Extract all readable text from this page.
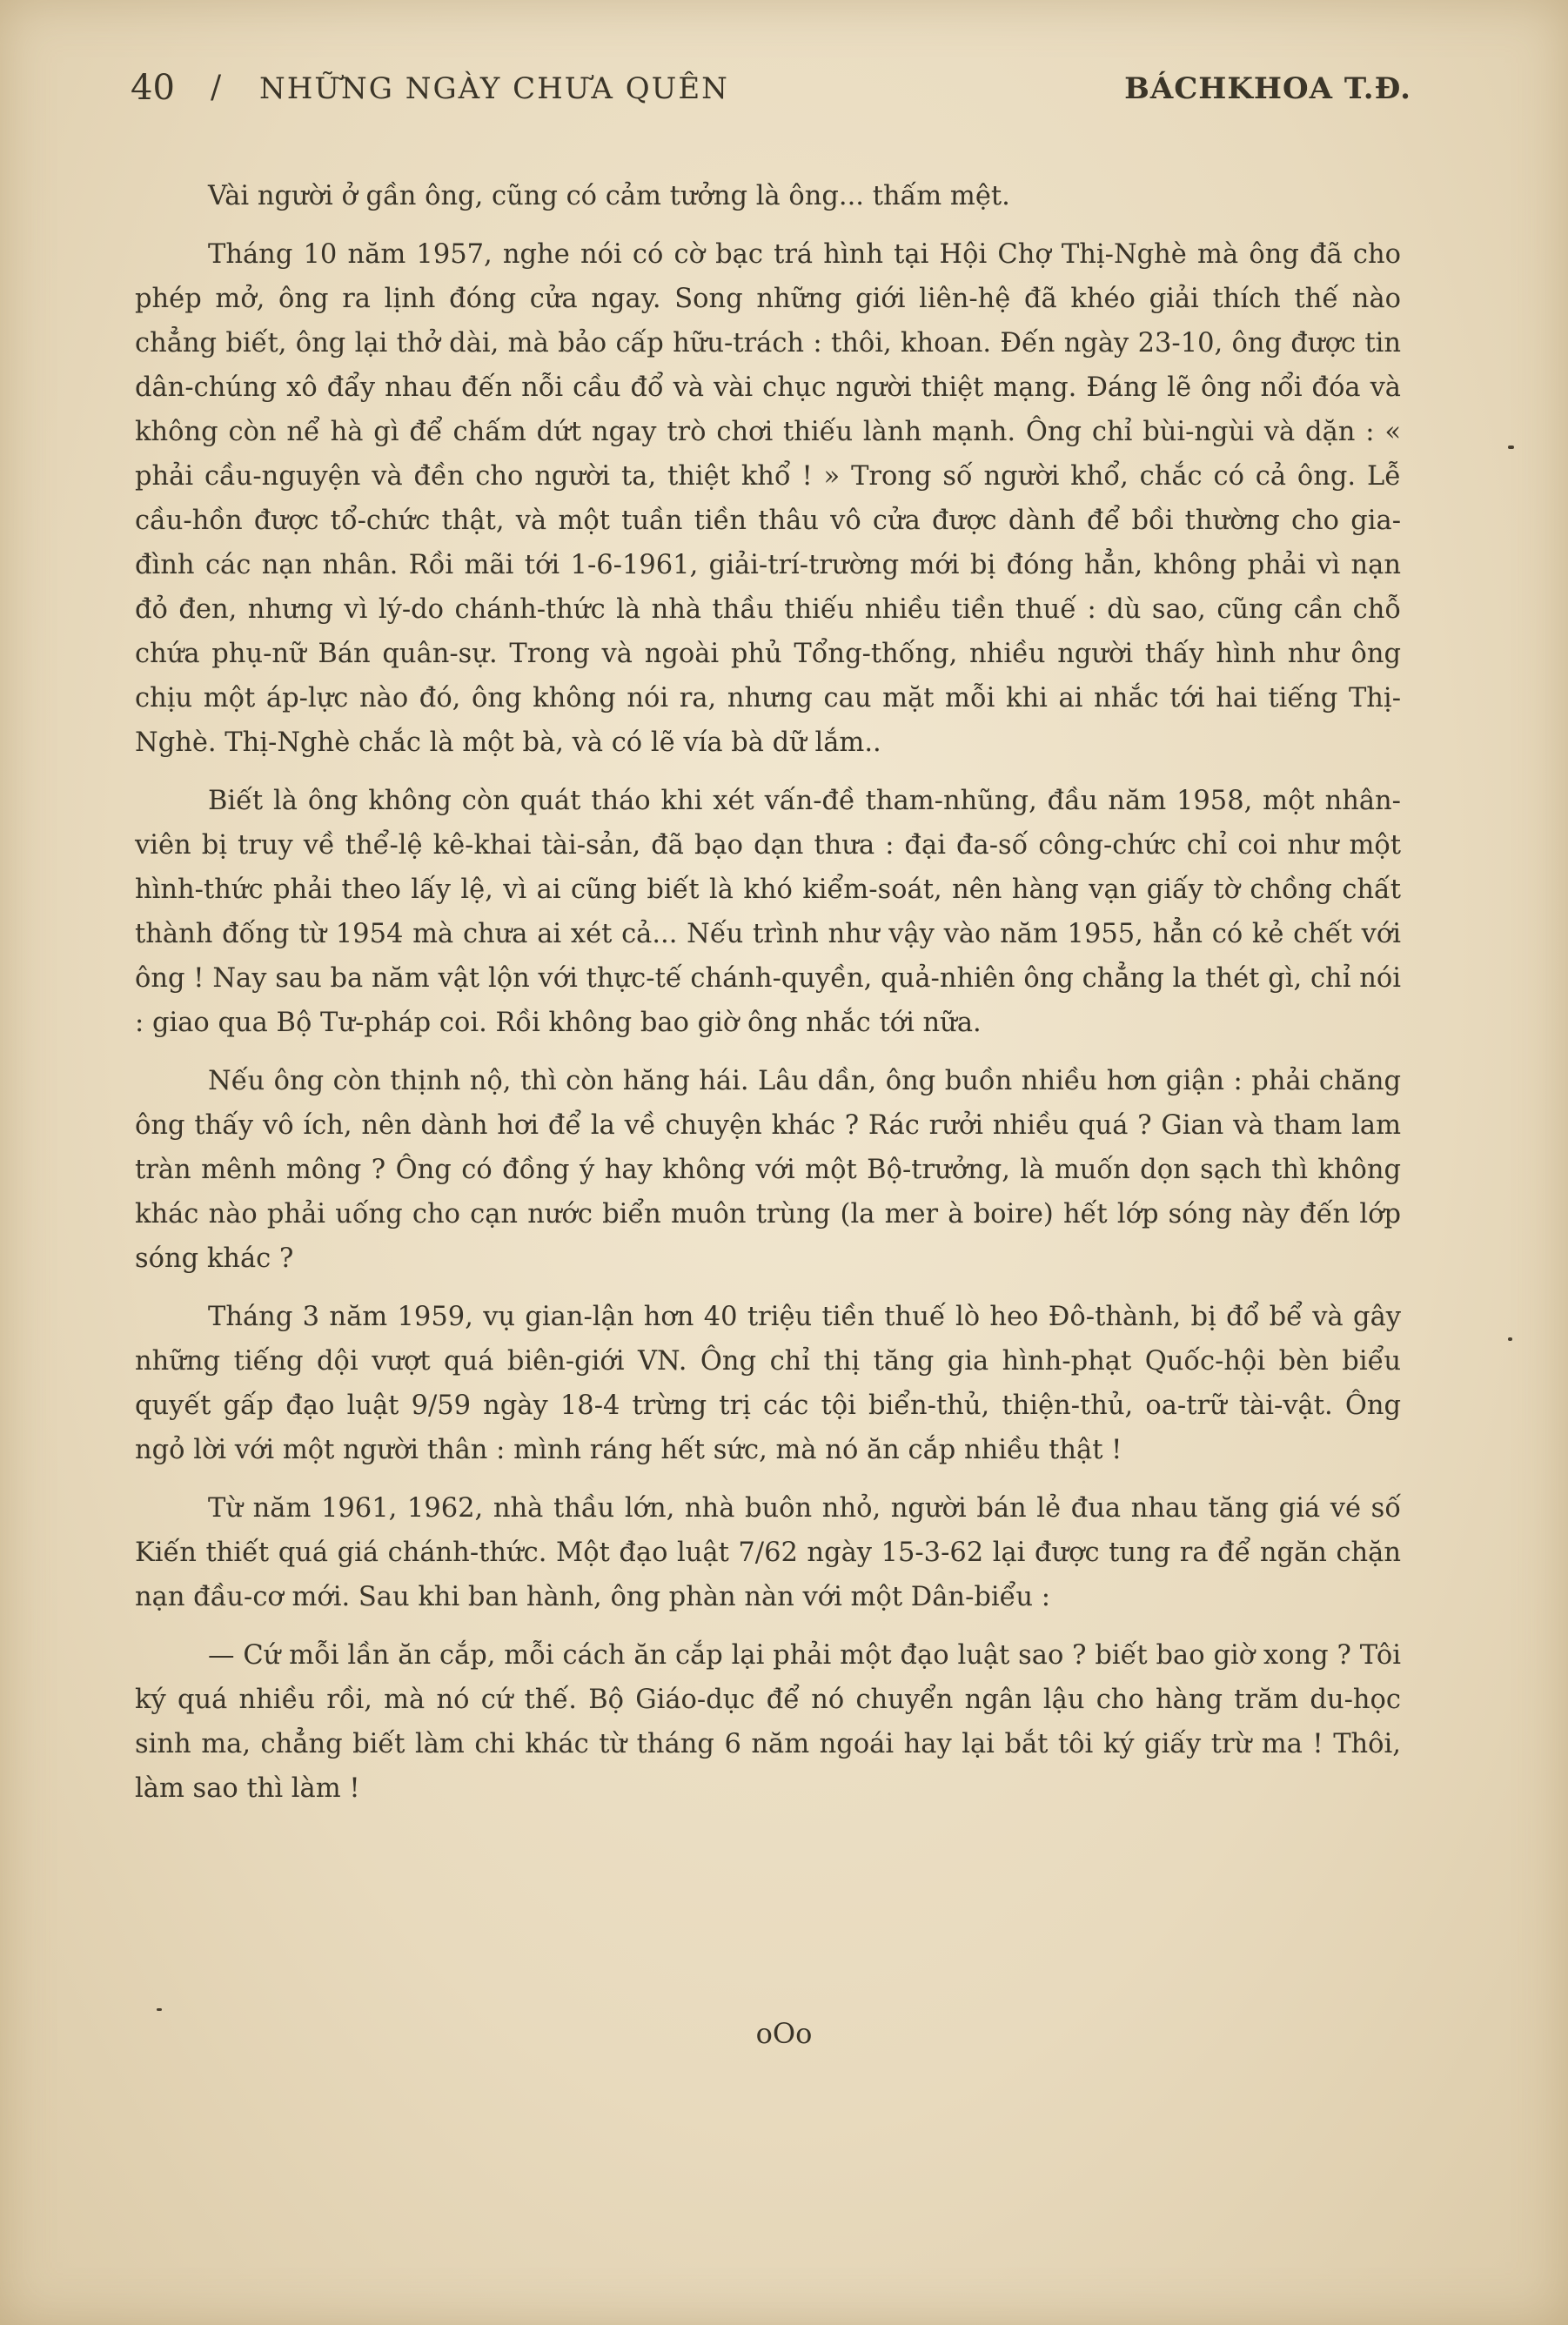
40 / NHỮNG NGÀY CHƯA QUÊN	BÁCHKHOA T.Đ.

Vài người ở gần ông, cũng có cảm tưởng là ông... thấm mệt.

Tháng 10 năm 1957, nghe nói có cờ bạc trá hình tại Hội Chợ Thị-Nghè mà ông đã cho phép mở, ông ra lịnh đóng cửa ngay. Song những giới liên-hệ đã khéo giải thích thế nào chẳng biết, ông lại thở dài, mà bảo cấp hữu-trách : thôi, khoan. Đến ngày 23-10, ông được tin dân-chúng xô đẩy nhau đến nỗi cầu đổ và vài chục người thiệt mạng. Đáng lẽ ông nổi đóa và không còn nể hà gì để chấm dứt ngay trò chơi thiếu lành mạnh. Ông chỉ bùi-ngùi và dặn : « phải cầu-nguyện và đền cho người ta, thiệt khổ ! » Trong số người khổ, chắc có cả ông. Lễ cầu-hồn được tổ-chức thật, và một tuần tiền thâu vô cửa được dành để bồi thường cho gia-đình các nạn nhân. Rồi mãi tới 1-6-1961, giải-trí-trường mới bị đóng hẳn, không phải vì nạn đỏ đen, nhưng vì lý-do chánh-thức là nhà thầu thiếu nhiều tiền thuế : dù sao, cũng cần chỗ chứa phụ-nữ Bán quân-sự. Trong và ngoài phủ Tổng-thống, nhiều người thấy hình như ông chịu một áp-lực nào đó, ông không nói ra, nhưng cau mặt mỗi khi ai nhắc tới hai tiếng Thị-Nghè. Thị-Nghè chắc là một bà, và có lẽ vía bà dữ lắm..

Biết là ông không còn quát tháo khi xét vấn-đề tham-nhũng, đầu năm 1958, một nhân-viên bị truy về thể-lệ kê-khai tài-sản, đã bạo dạn thưa : đại đa-số công-chức chỉ coi như một hình-thức phải theo lấy lệ, vì ai cũng biết là khó kiểm-soát, nên hàng vạn giấy tờ chồng chất thành đống từ 1954 mà chưa ai xét cả... Nếu trình như vậy vào năm 1955, hẳn có kẻ chết với ông ! Nay sau ba năm vật lộn với thực-tế chánh-quyền, quả-nhiên ông chẳng la thét gì, chỉ nói : giao qua Bộ Tư-pháp coi. Rồi không bao giờ ông nhắc tới nữa.

Nếu ông còn thịnh nộ, thì còn hăng hái. Lâu dần, ông buồn nhiều hơn giận : phải chăng ông thấy vô ích, nên dành hơi để la về chuyện khác ? Rác rưởi nhiều quá ? Gian và tham lam tràn mênh mông ? Ông có đồng ý hay không với một Bộ-trưởng, là muốn dọn sạch thì không khác nào phải uống cho cạn nước biển muôn trùng (la mer à boire) hết lớp sóng này đến lớp sóng khác ?

Tháng 3 năm 1959, vụ gian-lận hơn 40 triệu tiền thuế lò heo Đô-thành, bị đổ bể và gây những tiếng dội vượt quá biên-giới VN. Ông chỉ thị tăng gia hình-phạt Quốc-hội bèn biểu quyết gấp đạo luật 9/59 ngày 18-4 trừng trị các tội biển-thủ, thiện-thủ, oa-trữ tài-vật. Ông ngỏ lời với một người thân : mình ráng hết sức, mà nó ăn cắp nhiều thật !

Từ năm 1961, 1962, nhà thầu lớn, nhà buôn nhỏ, người bán lẻ đua nhau tăng giá vé số Kiến thiết quá giá chánh-thức. Một đạo luật 7/62 ngày 15-3-62 lại được tung ra để ngăn chặn nạn đầu-cơ mới. Sau khi ban hành, ông phàn nàn với một Dân-biểu :

— Cứ mỗi lần ăn cắp, mỗi cách ăn cắp lại phải một đạo luật sao ? biết bao giờ xong ? Tôi ký quá nhiều rồi, mà nó cứ thế. Bộ Giáo-dục để nó chuyển ngân lậu cho hàng trăm du-học sinh ma, chẳng biết làm chi khác từ tháng 6 năm ngoái hay lại bắt tôi ký giấy trừ ma ! Thôi, làm sao thì làm !

oOo
